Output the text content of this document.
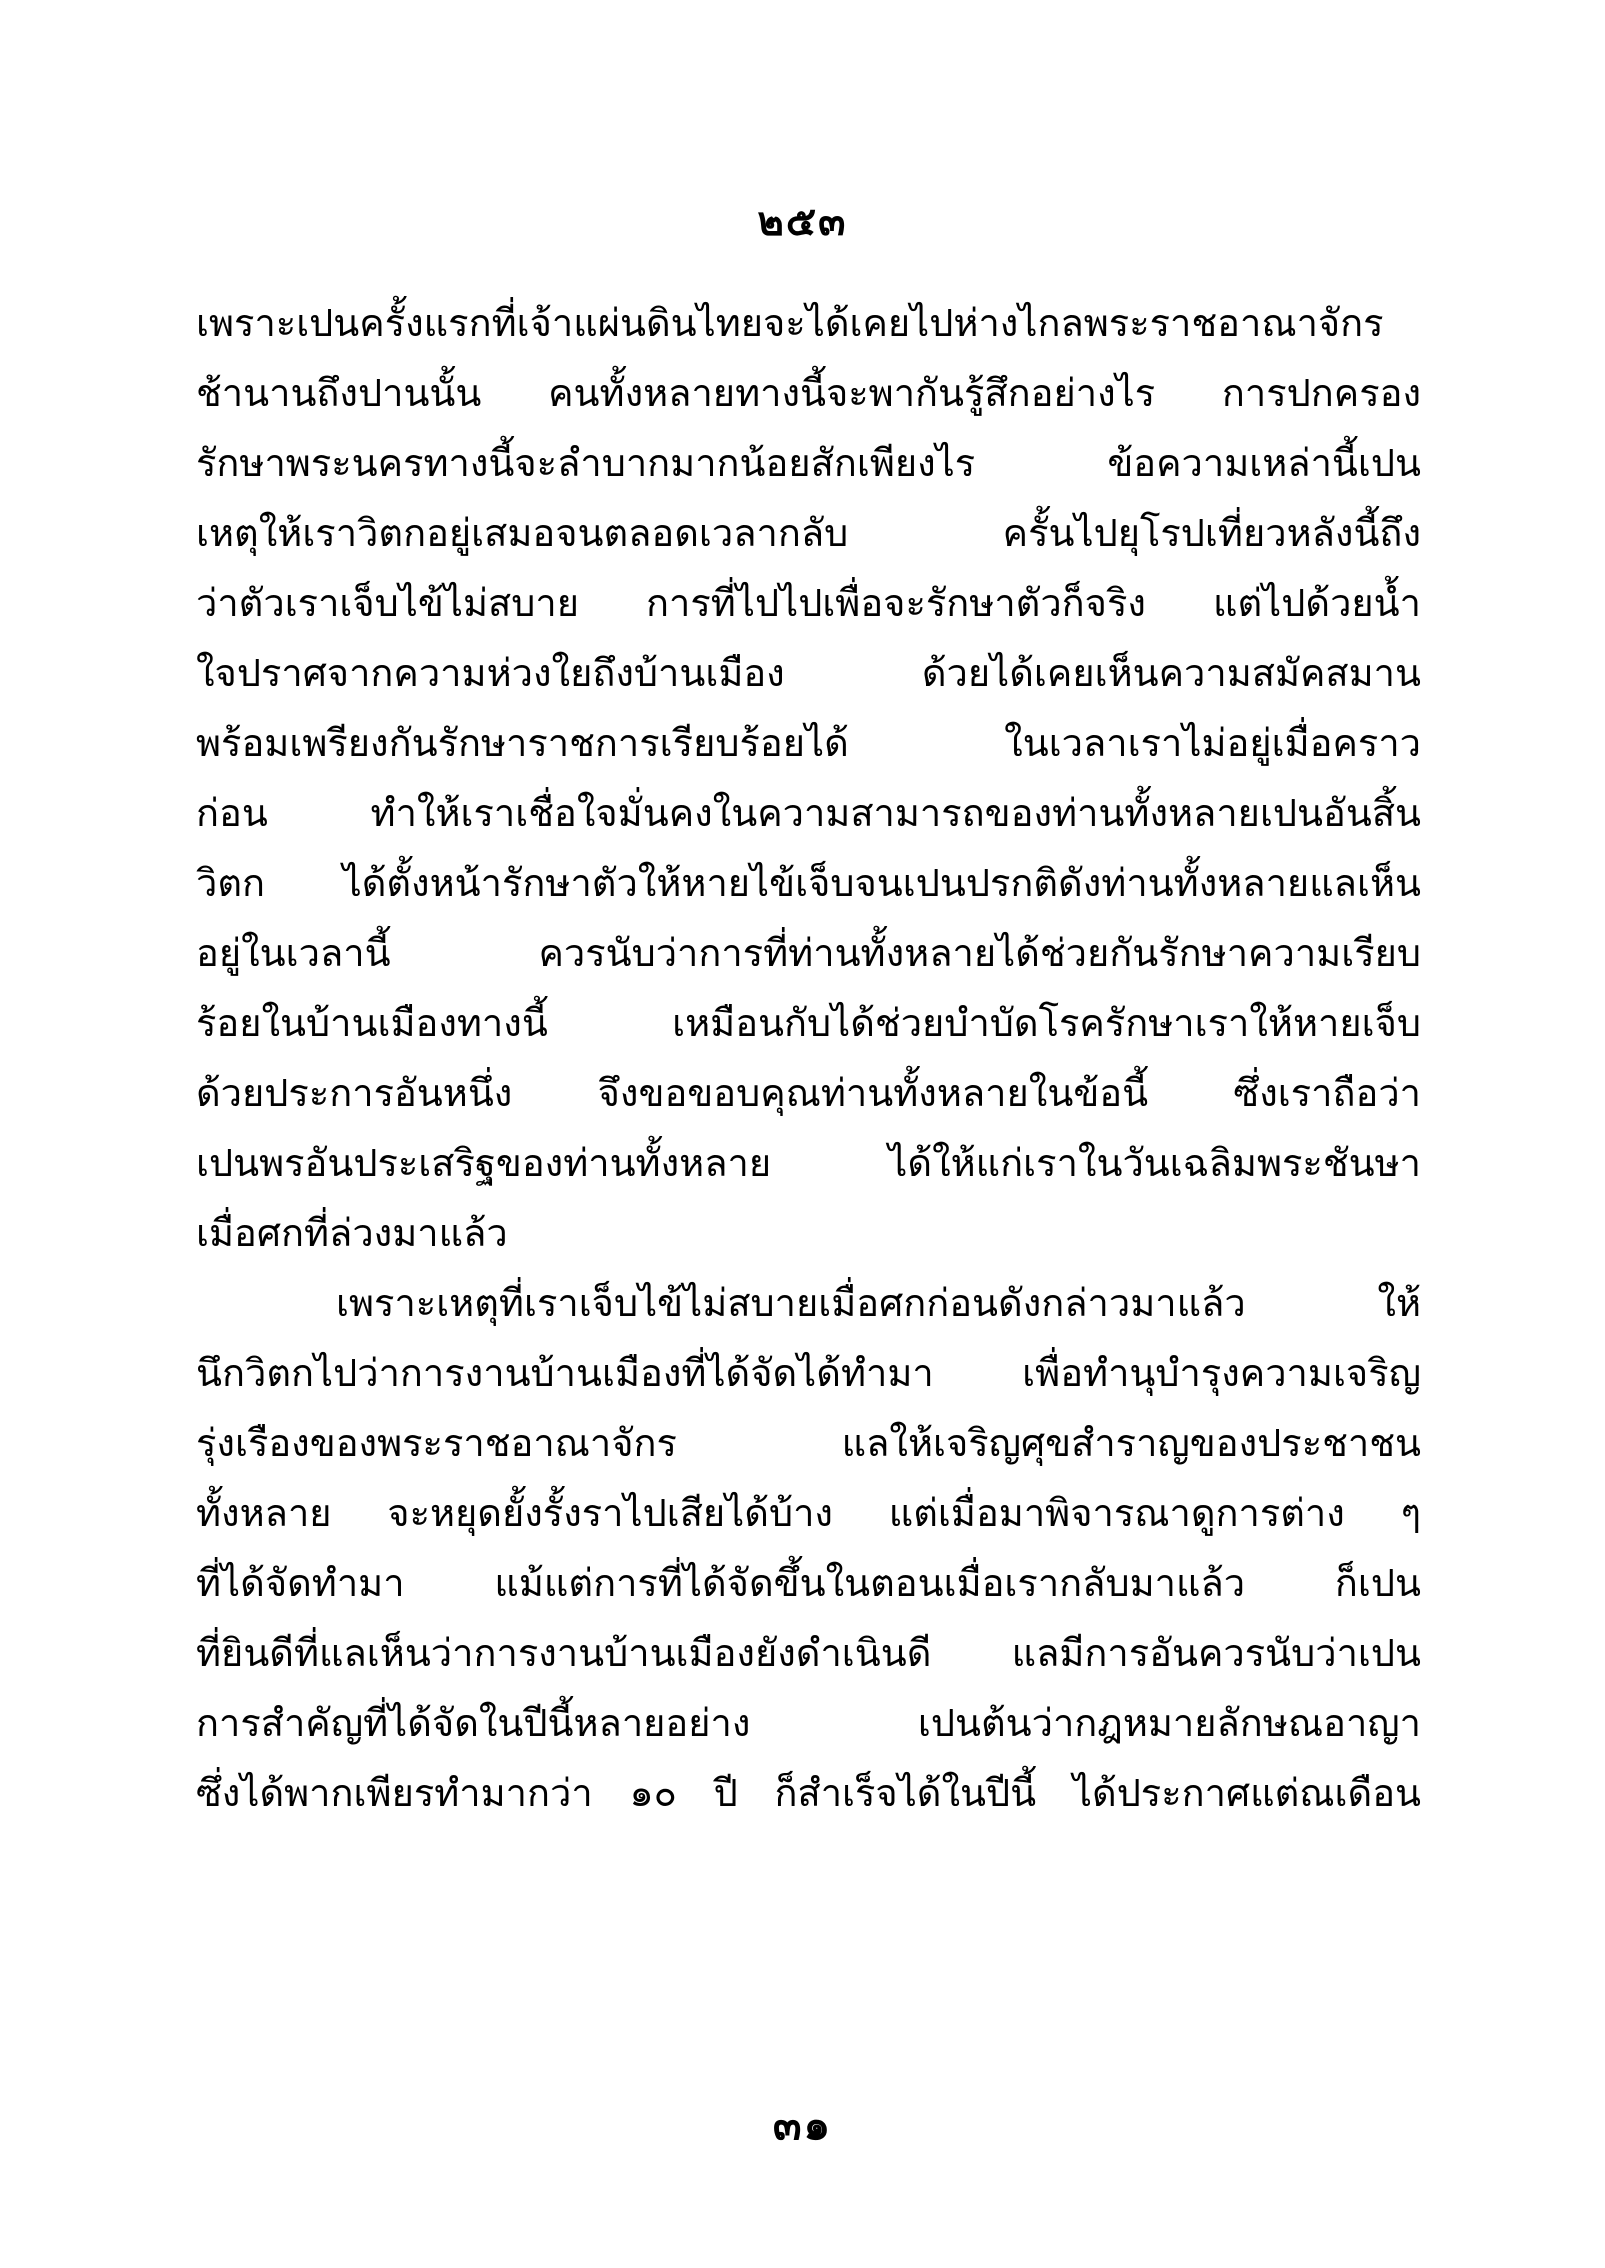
๒๕๓
เพราะเปนครั้งแรกที่เจ้าแผ่นดินไทยจะได้เคยไปห่างไกลพระราชอาณาจักร
ช้านานถึงปานนั้น คนทั้งหลายทางนี้จะพากันรู้สึกอย่างไร การปกครอง
รักษาพระนครทางนี้จะลำบากมากน้อยสักเพียงไร ข้อความเหล่านี้เปน
เหตุให้เราวิตกอยู่เสมอจนตลอดเวลากลับ ครั้นไปยุโรปเที่ยวหลังนี้ถึง
ว่าตัวเราเจ็บไข้ไม่สบาย การที่ไปไปเพื่อจะรักษาตัวก็จริง แต่ไปด้วยน้ำ
ใจปราศจากความห่วงใยถึงบ้านเมือง ด้วยได้เคยเห็นความสมัคสมาน
พร้อมเพรียงกันรักษาราชการเรียบร้อยได้ ในเวลาเราไม่อยู่เมื่อคราว
ก่อน ทำให้เราเชื่อใจมั่นคงในความสามารถของท่านทั้งหลายเปนอันสิ้น
วิตก ได้ตั้งหน้ารักษาตัวให้หายไข้เจ็บจนเปนปรกติดังท่านทั้งหลายแลเห็น
อยู่ในเวลานี้ ควรนับว่าการที่ท่านทั้งหลายได้ช่วยกันรักษาความเรียบ
ร้อยในบ้านเมืองทางนี้ เหมือนกับได้ช่วยบำบัดโรครักษาเราให้หายเจ็บ
ด้วยประการอันหนึ่ง จึงขอขอบคุณท่านทั้งหลายในข้อนี้ ซึ่งเราถือว่า
เปนพรอันประเสริฐของท่านทั้งหลาย ได้ให้แก่เราในวันเฉลิมพระชันษา
เมื่อศกที่ล่วงมาแล้ว
เพราะเหตุที่เราเจ็บไข้ไม่สบายเมื่อศกก่อนดังกล่าวมาแล้ว ให้
นึกวิตกไปว่าการงานบ้านเมืองที่ได้จัดได้ทำมา เพื่อทำนุบำรุงความเจริญ
รุ่งเรืองของพระราชอาณาจักร แลให้เจริญศุขสำราญของประชาชน
ทั้งหลาย จะหยุดยั้งรั้งราไปเสียได้บ้าง แต่เมื่อมาพิจารณาดูการต่าง ๆ
ที่ได้จัดทำมา แม้แต่การที่ได้จัดขึ้นในตอนเมื่อเรากลับมาแล้ว ก็เปน
ที่ยินดีที่แลเห็นว่าการงานบ้านเมืองยังดำเนินดี แลมีการอันควรนับว่าเปน
การสำคัญที่ได้จัดในปีนี้หลายอย่าง เปนต้นว่ากฎหมายลักษณอาญา
ซึ่งได้พากเพียรทำมากว่า ๑๐ ปี ก็สำเร็จได้ในปีนี้ ได้ประกาศแต่ณเดือน
๓๑
